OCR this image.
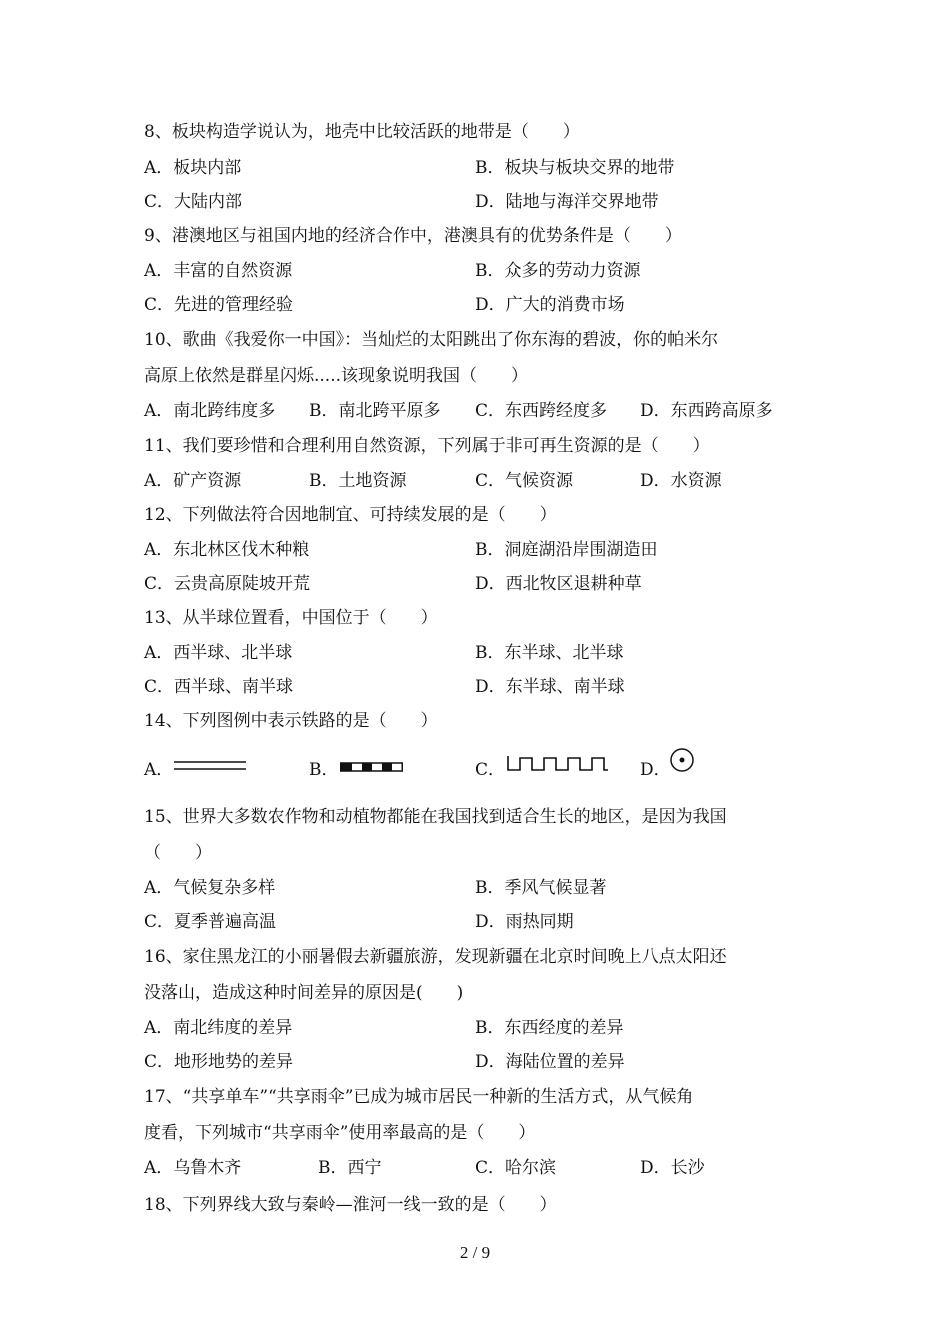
8、板块构造学说认为，地壳中比较活跃的地带是（　　）
A．板块内部	B．板块与板块交界的地带
C．大陆内部	D．陆地与海洋交界地带
9、港澳地区与祖国内地的经济合作中，港澳具有的优势条件是（　　）
A．丰富的自然资源	B．众多的劳动力资源
C．先进的管理经验	D．广大的消费市场
10、歌曲《我爱你一中国》：当灿烂的太阳跳出了你东海的碧波，你的帕米尔
高原上依然是群星闪烁.....该现象说明我国（　　）
A．南北跨纬度多 B．南北跨平原多 C．东西跨经度多 D．东西跨高原多
11、我们要珍惜和合理利用自然资源，下列属于非可再生资源的是（　　）
A．矿产资源	B．土地资源	C．气候资源	D．水资源
12、下列做法符合因地制宜、可持续发展的是（　　）
A．东北林区伐木种粮	B．洞庭湖沿岸围湖造田
C．云贵高原陡坡开荒	D．西北牧区退耕种草
13、从半球位置看，中国位于（　　）
A．西半球、北半球	B．东半球、北半球
C．西半球、南半球	D．东半球、南半球
14、下列图例中表示铁路的是（　　）
A．	B．	C．	D．
15、世界大多数农作物和动植物都能在我国找到适合生长的地区，是因为我国
（　　）
A．气候复杂多样	B．季风气候显著
C．夏季普遍高温	D．雨热同期
16、家住黑龙江的小丽暑假去新疆旅游，发现新疆在北京时间晚上八点太阳还
没落山，造成这种时间差异的原因是(　　)
A．南北纬度的差异	B．东西经度的差异
C．地形地势的差异	D．海陆位置的差异
17、“共享单车”“共享雨伞”已成为城市居民一种新的生活方式，从气候角
度看，下列城市“共享雨伞”使用率最高的是（　　）
A．乌鲁木齐	B．西宁	C．哈尔滨	D．长沙
18、下列界线大致与秦岭—淮河一线一致的是（　　）
2 / 9
